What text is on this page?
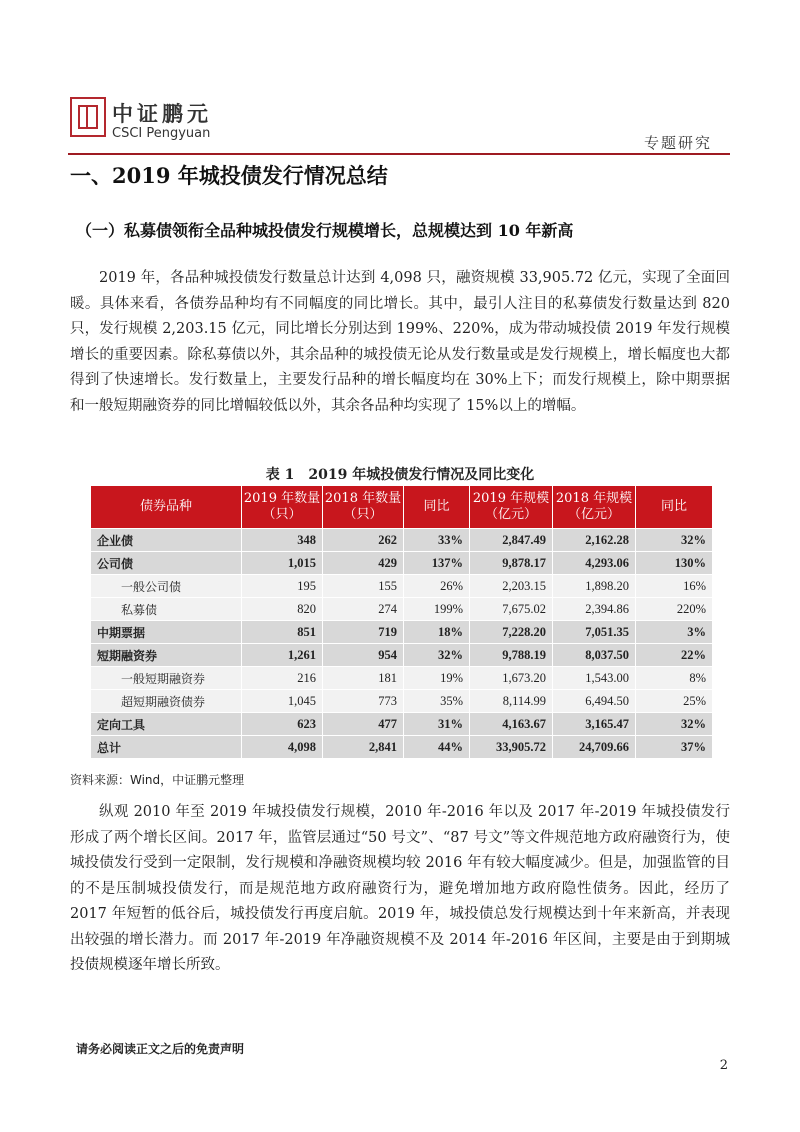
中证鹏元
CSCI Pengyuan
专题研究
一、2019 年城投债发行情况总结
（一）私募债领衔全品种城投债发行规模增长，总规模达到 10 年新高
2019 年，各品种城投债发行数量总计达到 4,098 只，融资规模 33,905.72 亿元，实现了全面回暖。具体来看，各债券品种均有不同幅度的同比增长。其中，最引人注目的私募债发行数量达到 820 只，发行规模 2,203.15 亿元，同比增长分别达到 199%、220%，成为带动城投债 2019 年发行规模增长的重要因素。除私募债以外，其余品种的城投债无论从发行数量或是发行规模上，增长幅度也大都得到了快速增长。发行数量上，主要发行品种的增长幅度均在 30%上下；而发行规模上，除中期票据和一般短期融资券的同比增幅较低以外，其余各品种均实现了 15%以上的增幅。
表 1　2019 年城投债发行情况及同比变化
债券品种	2019 年数量（只）	2018 年数量（只）	同比	2019 年规模（亿元）	2018 年规模（亿元）	同比
企业债	348	262	33%	2,847.49	2,162.28	32%
公司债	1,015	429	137%	9,878.17	4,293.06	130%
一般公司债	195	155	26%	2,203.15	1,898.20	16%
私募债	820	274	199%	7,675.02	2,394.86	220%
中期票据	851	719	18%	7,228.20	7,051.35	3%
短期融资券	1,261	954	32%	9,788.19	8,037.50	22%
一般短期融资券	216	181	19%	1,673.20	1,543.00	8%
超短期融资债券	1,045	773	35%	8,114.99	6,494.50	25%
定向工具	623	477	31%	4,163.67	3,165.47	32%
总计	4,098	2,841	44%	33,905.72	24,709.66	37%
资料来源：Wind，中证鹏元整理
纵观 2010 年至 2019 年城投债发行规模，2010 年-2016 年以及 2017 年-2019 年城投债发行形成了两个增长区间。2017 年，监管层通过“50 号文”、“87 号文”等文件规范地方政府融资行为，使城投债发行受到一定限制，发行规模和净融资规模均较 2016 年有较大幅度减少。但是，加强监管的目的不是压制城投债发行，而是规范地方政府融资行为，避免增加地方政府隐性债务。因此，经历了 2017 年短暂的低谷后，城投债发行再度启航。2019 年，城投债总发行规模达到十年来新高，并表现出较强的增长潜力。而 2017 年-2019 年净融资规模不及 2014 年-2016 年区间，主要是由于到期城投债规模逐年增长所致。
请务必阅读正文之后的免责声明
2
